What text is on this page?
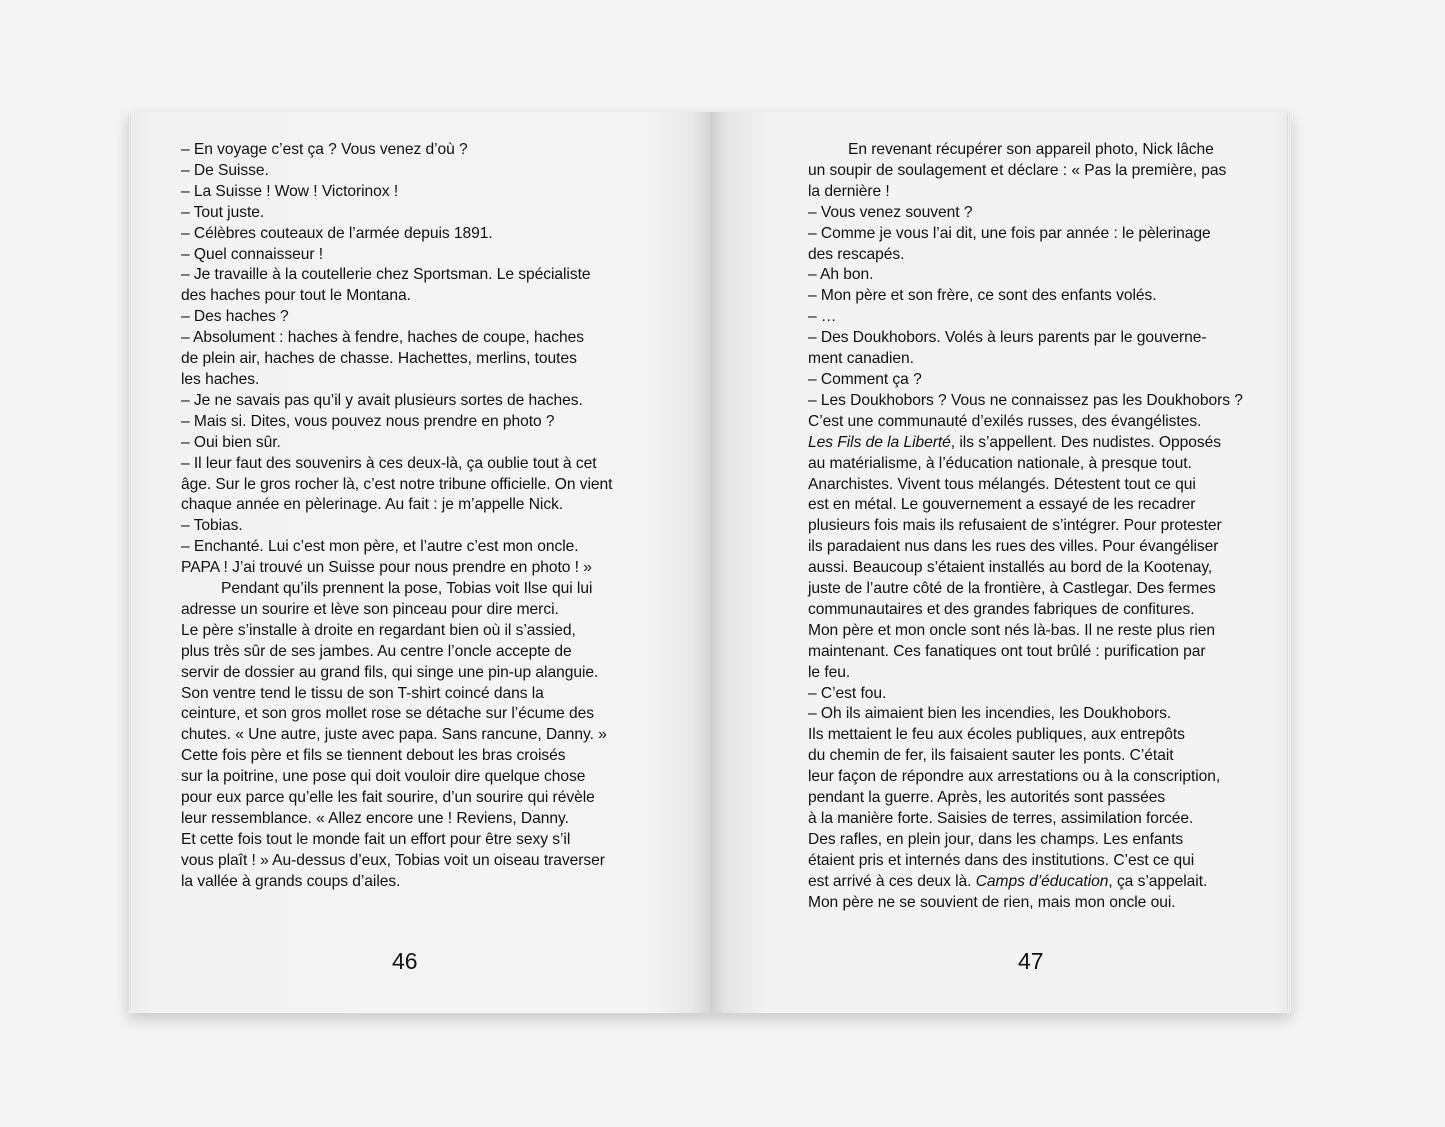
– En voyage c’est ça ? Vous venez d’où ?

– De Suisse.

– La Suisse ! Wow ! Victorinox !

– Tout juste.

– Célèbres couteaux de l’armée depuis 1891.

– Quel connaisseur !

– Je travaille à la coutellerie chez Sportsman. Le spécialiste

des haches pour tout le Montana.

– Des haches ?

– Absolument : haches à fendre, haches de coupe, haches

de plein air, haches de chasse. Hachettes, merlins, toutes

les haches.

– Je ne savais pas qu’il y avait plusieurs sortes de haches.

– Mais si. Dites, vous pouvez nous prendre en photo ?

– Oui bien sûr.

– Il leur faut des souvenirs à ces deux-là, ça oublie tout à cet

âge. Sur le gros rocher là, c’est notre tribune officielle. On vient

chaque année en pèlerinage. Au fait : je m’appelle Nick.

– Tobias.

– Enchanté. Lui c’est mon père, et l’autre c’est mon oncle.

PAPA ! J’ai trouvé un Suisse pour nous prendre en photo ! »

Pendant qu’ils prennent la pose, Tobias voit Ilse qui lui

adresse un sourire et lève son pinceau pour dire merci.

Le père s’installe à droite en regardant bien où il s’assied,

plus très sûr de ses jambes. Au centre l’oncle accepte de

servir de dossier au grand fils, qui singe une pin-up alanguie.

Son ventre tend le tissu de son T-shirt coincé dans la

ceinture, et son gros mollet rose se détache sur l’écume des

chutes. « Une autre, juste avec papa. Sans rancune, Danny. »

Cette fois père et fils se tiennent debout les bras croisés

sur la poitrine, une pose qui doit vouloir dire quelque chose

pour eux parce qu’elle les fait sourire, d’un sourire qui révèle

leur ressemblance. « Allez encore une ! Reviens, Danny.

Et cette fois tout le monde fait un effort pour être sexy s’il

vous plaît ! » Au-dessus d’eux, Tobias voit un oiseau traverser

la vallée à grands coups d’ailes.

46

En revenant récupérer son appareil photo, Nick lâche

un soupir de soulagement et déclare : « Pas la première, pas

la dernière !

– Vous venez souvent ?

– Comme je vous l’ai dit, une fois par année : le pèlerinage

des rescapés.

– Ah bon.

– Mon père et son frère, ce sont des enfants volés.

– …

– Des Doukhobors. Volés à leurs parents par le gouverne-

ment canadien.

– Comment ça ?

– Les Doukhobors ? Vous ne connaissez pas les Doukhobors ?

C’est une communauté d’exilés russes, des évangélistes.

Les Fils de la Liberté, ils s’appellent. Des nudistes. Opposés

au matérialisme, à l’éducation nationale, à presque tout.

Anarchistes. Vivent tous mélangés. Détestent tout ce qui

est en métal. Le gouvernement a essayé de les recadrer

plusieurs fois mais ils refusaient de s’intégrer. Pour protester

ils paradaient nus dans les rues des villes. Pour évangéliser

aussi. Beaucoup s’étaient installés au bord de la Kootenay,

juste de l’autre côté de la frontière, à Castlegar. Des fermes

communautaires et des grandes fabriques de confitures.

Mon père et mon oncle sont nés là-bas. Il ne reste plus rien

maintenant. Ces fanatiques ont tout brûlé : purification par

le feu.

– C’est fou.

– Oh ils aimaient bien les incendies, les Doukhobors.

Ils mettaient le feu aux écoles publiques, aux entrepôts

du chemin de fer, ils faisaient sauter les ponts. C’était

leur façon de répondre aux arrestations ou à la conscription,

pendant la guerre. Après, les autorités sont passées

à la manière forte. Saisies de terres, assimilation forcée.

Des rafles, en plein jour, dans les champs. Les enfants

étaient pris et internés dans des institutions. C’est ce qui

est arrivé à ces deux là. Camps d’éducation, ça s’appelait.

Mon père ne se souvient de rien, mais mon oncle oui.

47
